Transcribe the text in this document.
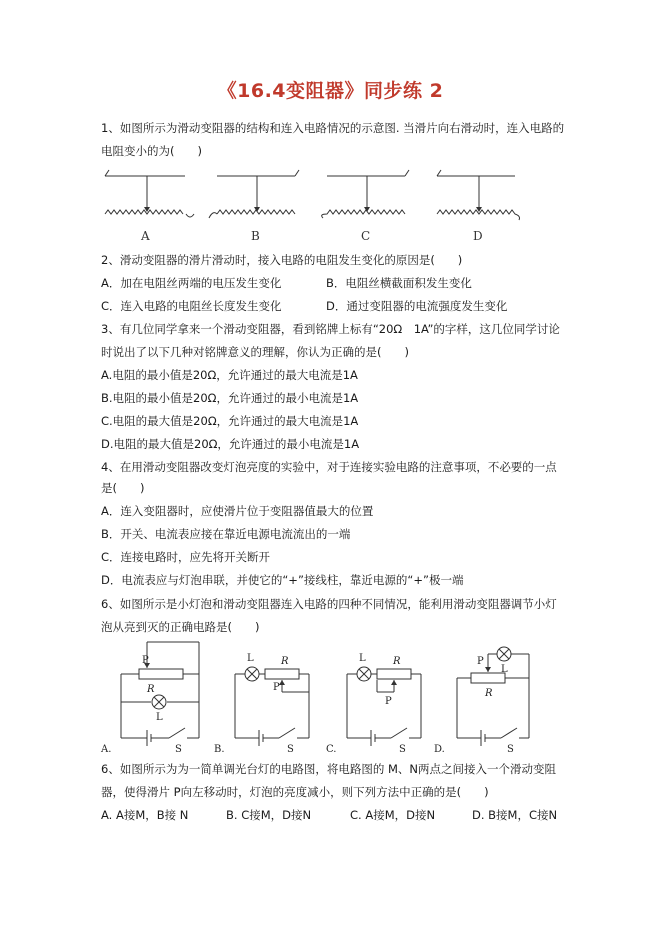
《16.4变阻器》同步练 2
1、如图所示为滑动变阻器的结构和连入电路情况的示意图. 当滑片向右滑动时，连入电路的
电阻变小的为(　　)
A	B	C	D
2、滑动变阻器的滑片滑动时，接入电路的电阻发生变化的原因是(　　)
A．加在电阻丝两端的电压发生变化	B．电阻丝横截面积发生变化
C．连入电路的电阻丝长度发生变化	D．通过变阻器的电流强度发生变化
3、有几位同学拿来一个滑动变阻器，看到铭牌上标有“20Ω　1A”的字样，这几位同学讨论
时说出了以下几种对铭牌意义的理解，你认为正确的是(　　)
A.电阻的最小值是20Ω，允许通过的最大电流是1A
B.电阻的最小值是20Ω，允许通过的最小电流是1A
C.电阻的最大值是20Ω，允许通过的最大电流是1A
D.电阻的最大值是20Ω，允许通过的最小电流是1A
4、在用滑动变阻器改变灯泡亮度的实验中，对于连接实验电路的注意事项，不必要的一点
是(　　)
A．连入变阻器时，应使滑片位于变阻器值最大的位置
B．开关、电流表应接在靠近电源电流流出的一端
C．连接电路时，应先将开关断开
D．电流表应与灯泡串联，并使它的“+”接线柱，靠近电源的“+”极一端
6、如图所示是小灯泡和滑动变阻器连入电路的四种不同情况，能利用滑动变阻器调节小灯
泡从亮到灭的正确电路是(　　)
P
R
L
S
L	R
P
S
L	R
P
S
P
L
R
S
A.	B.	C.	D.
6、如图所示为为一简单调光台灯的电路图，将电路图的 M、N两点之间接入一个滑动变阻
器，使得滑片 P向左移动时，灯泡的亮度减小，则下列方法中正确的是(　　)
A. A接M，B接 N	B. C接M，D接N	C. A接M，D接N	D. B接M，C接N
